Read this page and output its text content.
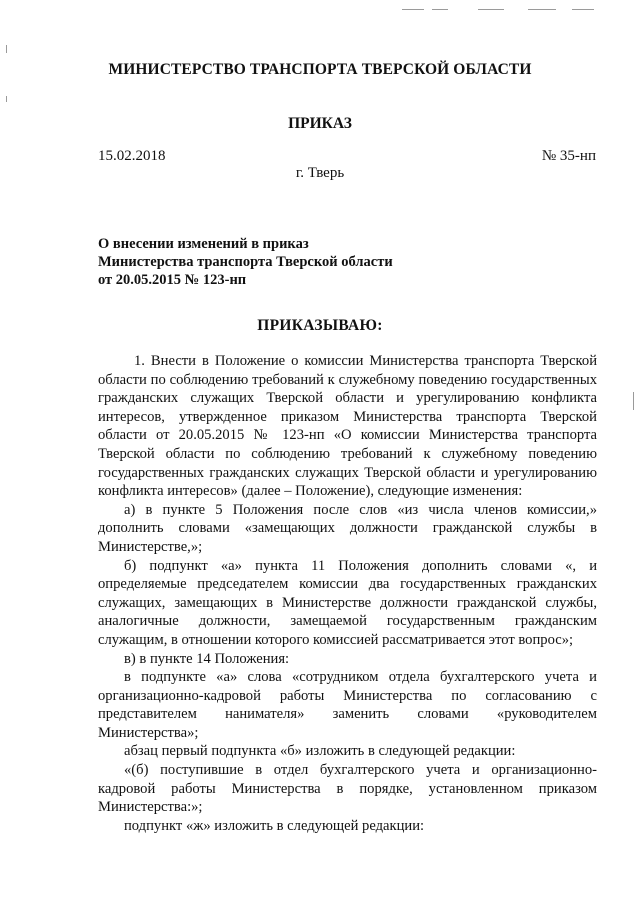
МИНИСТЕРСТВО ТРАНСПОРТА ТВЕРСКОЙ ОБЛАСТИ
ПРИКАЗ
15.02.2018	№ 35-нп
г. Тверь
О внесении изменений в приказ
Министерства транспорта Тверской области
от 20.05.2015 № 123-нп
ПРИКАЗЫВАЮ:

1. Внести в Положение о комиссии Министерства транспорта Тверской области по соблюдению требований к служебному поведению государственных гражданских служащих Тверской области и урегулированию конфликта интересов, утвержденное приказом Министерства транспорта Тверской области от 20.05.2015 № 123-нп «О комиссии Министерства транспорта Тверской области по соблюдению требований к служебному поведению государственных гражданских служащих Тверской области и урегулированию конфликта интересов» (далее – Положение), следующие изменения:

а) в пункте 5 Положения после слов «из числа членов комиссии,» дополнить словами «замещающих должности гражданской службы в Министерстве,»;

б) подпункт «а» пункта 11 Положения дополнить словами «, и определяемые председателем комиссии два государственных гражданских служащих, замещающих в Министерстве должности гражданской службы, аналогичные должности, замещаемой государственным гражданским служащим, в отношении которого комиссией рассматривается этот вопрос»;

в) в пункте 14 Положения:

в подпункте «а» слова «сотрудником отдела бухгалтерского учета и организационно-кадровой работы Министерства по согласованию с представителем нанимателя» заменить словами «руководителем Министерства»;

абзац первый подпункта «б» изложить в следующей редакции:

«(б) поступившие в отдел бухгалтерского учета и организационно-кадровой работы Министерства в порядке, установленном приказом Министерства:»;

подпункт «ж» изложить в следующей редакции:
